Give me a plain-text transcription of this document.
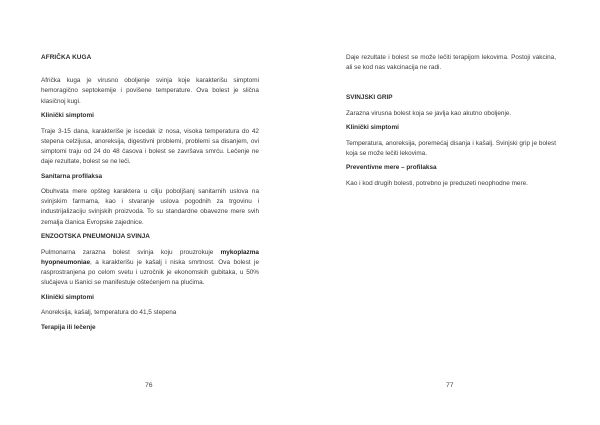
AFRIČKA KUGA

Afrička kuga je virusno oboljenje svinja koje karakterišu simptomi hemoragično septokemije i povišene temperature. Ova bolest je slična klasičnoj kugi.

Klinički simptomi

Traje 3-15 dana, karakteriše je iscedak iz nosa, visoka temperatura do 42 stepena celzijusa, anoreksija, digestivni problemi, problemi sa disanjem, ovi simptomi traju od 24 do 48 časova i bolest se završava smrću. Lečenje ne daje rezultate, bolest se ne leči.

Sanitarna profilaksa

Obuhvata mere opšteg karaktera u cilju poboljšanj sanitarnih uslova na svinjskim farmama, kao i stvaranje uslova pogodnih za trgovinu i industrijalizaciju svinjskih proizvoda. To su standardne obavezne mere svih zemalja članica Evropske zajednice.

ENZOOTSKA PNEUMONIJA SVINJA

Pulmonarna zarazna bolest svinja koju prouzrokuje mykoplazma hyopneumoniae, a karakterišu je kašalj i niska smrtnost. Ova bolest je rasprostranjena po celom svetu i uzročnik je ekonomskih gubitaka, u 50% slučajeva u lšanici se manifestuje oštećenjem na plućima.

Klinički simptomi

Anoreksija, kašalj, temperatura do 41,5 stepena

Terapija ili lečenje
76

Daje rezultate i bolest se može lečiti terapijom lekovima. Postoji vakcina, ali se kod nas vakcinacija ne radi.

SVINJSKI GRIP

Zarazna virusna bolest koja se javlja kao akutno oboljenje.

Klinički simptomi

Temperatura, anoreksija, poremećaj disanja i kašalj. Svinjski grip je bolest koja se može lečiti lekovima.

Preventivne mere – profilaksa

Kao i kod drugih bolesti, potrebno je preduzeti neophodne mere.

77
